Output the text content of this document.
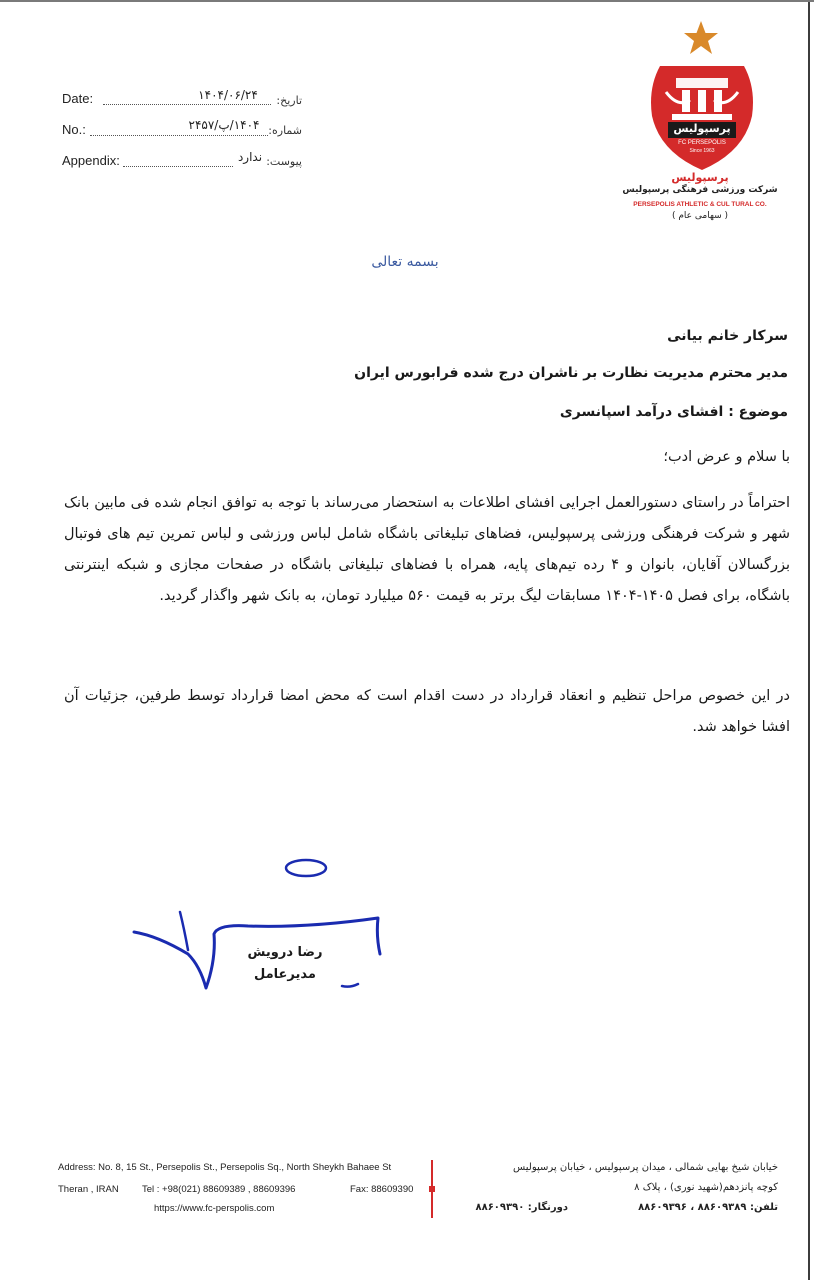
Date:	۱۴۰۴/۰۶/۲۴	تاریخ:
No.:	۱۴۰۴/پ/۲۴۵۷ شماره:
Appendix:	ندارد پیوست:
پرسپولیس
FC PERSEPOLIS
Since 1963
پرسپولیس
شرکت ورزشی فرهنگی پرسپولیس
PERSEPOLIS ATHLETIC & CUL TURAL CO.
( سهامی عام )
بسمه تعالی
سرکار خانم بیانی
مدیر محترم مدیریت نظارت بر ناشران درج شده فرابورس ایران
موضوع : افشای درآمد اسپانسری
با سلام و عرض ادب؛
احتراماً در راستای دستورالعمل اجرایی افشای اطلاعات به استحضار می‌رساند با توجه به توافق انجام شده فی مابین بانک شهر و شرکت فرهنگی ورزشی پرسپولیس، فضاهای تبلیغاتی باشگاه شامل لباس ورزشی و لباس تمرین تیم های فوتبال بزرگسالان آقایان، بانوان و ۴ رده تیم‌های پایه، همراه با فضاهای تبلیغاتی باشگاه در صفحات مجازی و شبکه اینترنتی باشگاه، برای فصل ۱۴۰۵-۱۴۰۴ مسابقات لیگ برتر به قیمت ۵۶۰ میلیارد تومان، به بانک شهر واگذار گردید.
در این خصوص مراحل تنظیم و انعقاد قرارداد در دست اقدام است که محض امضا قرارداد توسط طرفین، جزئیات آن افشا خواهد شد.
رضا درویش
مدیرعامل
Address: No. 8, 15 St., Persepolis St., Persepolis Sq., North Sheykh Bahaee St
Theran , IRAN Tel : +98(021) 88609389 , 88609396	Fax: 88609390
https://www.fc-perspolis.com
خیابان شیخ بهایی شمالی ، میدان پرسپولیس ، خیابان پرسپولیس
کوچه پانزدهم(شهید نوری) ، پلاک ۸
تلفن: ۸۸۶۰۹۳۸۹ ، ۸۸۶۰۹۳۹۶
دورنگار: ۸۸۶۰۹۳۹۰
